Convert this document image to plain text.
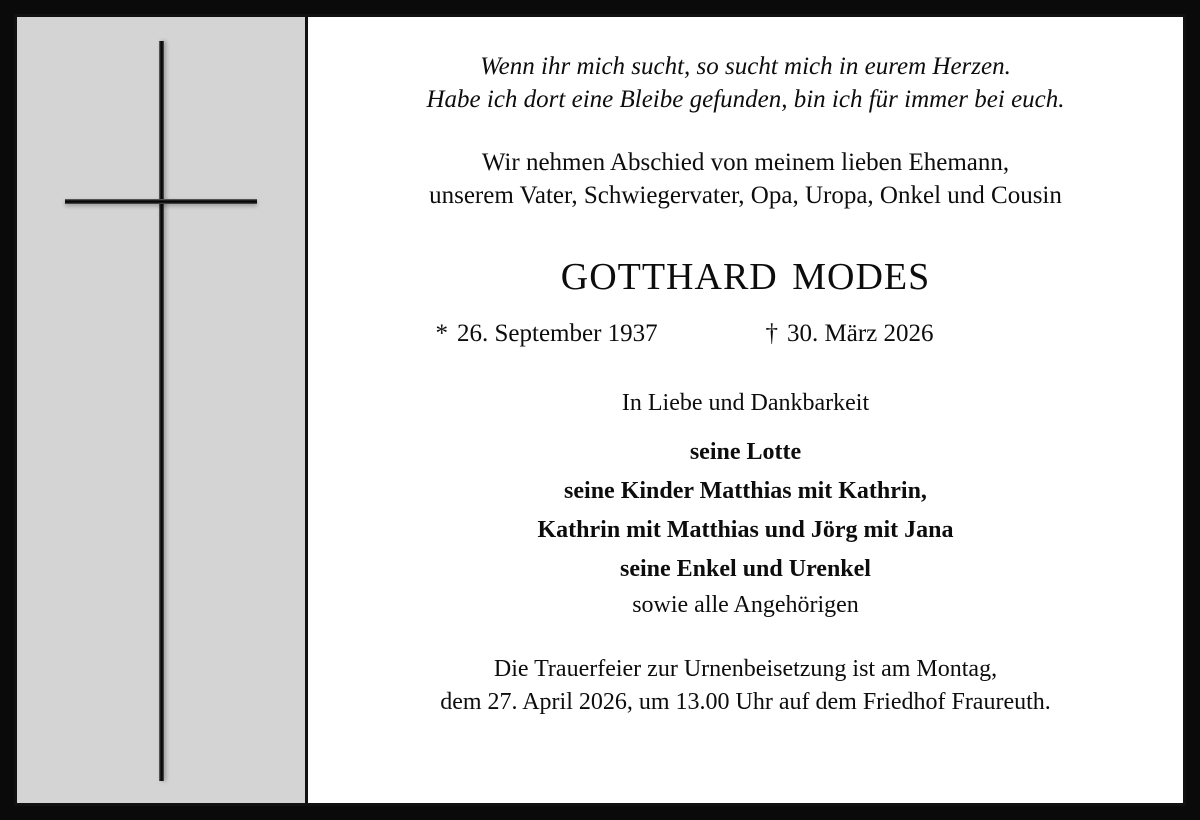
Wenn ihr mich sucht, so sucht mich in eurem Herzen.
Habe ich dort eine Bleibe gefunden, bin ich für immer bei euch.
Wir nehmen Abschied von meinem lieben Ehemann,
unserem Vater, Schwiegervater, Opa, Uropa, Onkel und Cousin
gotthard modes
* 26. September 1937	† 30. März 2026
In Liebe und Dankbarkeit
seine Lotte
seine Kinder Matthias mit Kathrin,
Kathrin mit Matthias und Jörg mit Jana
seine Enkel und Urenkel
sowie alle Angehörigen
Die Trauerfeier zur Urnenbeisetzung ist am Montag,
dem 27. April 2026, um 13.00 Uhr auf dem Friedhof Fraureuth.
